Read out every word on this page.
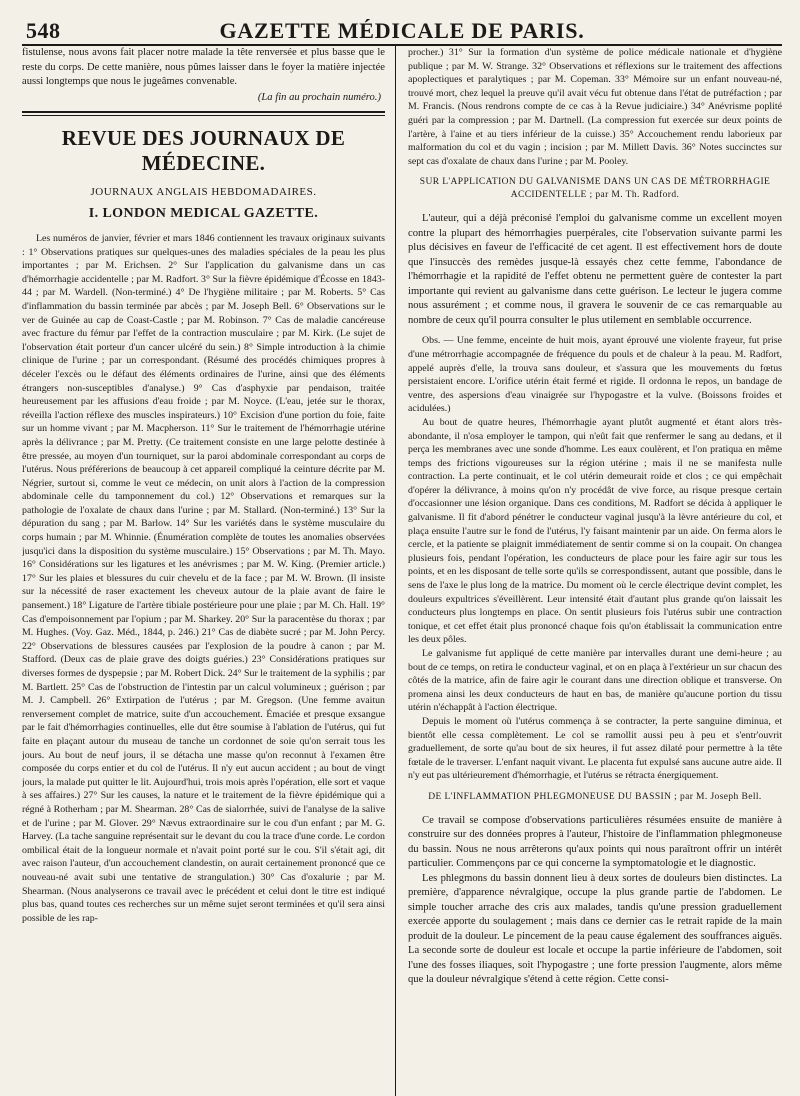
548	GAZETTE MÉDICALE DE PARIS.

fistulense, nous avons fait placer notre malade la tête renversée et plus basse que le reste du corps. De cette manière, nous pûmes laisser dans le foyer la matière injectée aussi longtemps que nous le jugeâmes convenable.

(La fin au prochain numéro.)

REVUE DES JOURNAUX DE MÉDECINE.
JOURNAUX ANGLAIS HEBDOMADAIRES.
I. LONDON MEDICAL GAZETTE.

Les numéros de janvier, février et mars 1846 contiennent les travaux originaux suivants : 1° Observations pratiques sur quelques-unes des maladies spéciales de la peau les plus importantes ; par M. Erichsen. 2° Sur l'application du galvanisme dans un cas d'hémorrhagie accidentelle ; par M. Radfort. 3° Sur la fièvre épidémique d'Écosse en 1843-44 ; par M. Wardell. (Non-terminé.) 4° De l'hygiène militaire ; par M. Roberts. 5° Cas d'inflammation du bassin terminée par abcès ; par M. Joseph Bell. 6° Observations sur le ver de Guinée au cap de Coast-Castle ; par M. Robinson. 7° Cas de maladie cancéreuse avec fracture du fémur par l'effet de la contraction musculaire ; par M. Kirk. (Le sujet de l'observation était porteur d'un cancer ulcéré du sein.) 8° Simple introduction à la chimie clinique de l'urine ; par un correspondant. (Résumé des procédés chimiques propres à déceler l'excès ou le défaut des éléments ordinaires de l'urine, ainsi que des éléments étrangers non-susceptibles d'analyse.) 9° Cas d'asphyxie par pendaison, traitée heureusement par les affusions d'eau froide ; par M. Noyce. (L'eau, jetée sur le thorax, réveilla l'action réflexe des muscles inspirateurs.) 10° Excision d'une portion du foie, faite sur un homme vivant ; par M. Macpherson. 11° Sur le traitement de l'hémorrhagie utérine après la délivrance ; par M. Pretty. (Ce traitement consiste en une large pelotte destinée à être pressée, au moyen d'un tourniquet, sur la paroi abdominale correspondant au corps de l'utérus. Nous préférerions de beaucoup à cet appareil compliqué la ceinture décrite par M. Négrier, surtout si, comme le veut ce médecin, on unit alors à l'action de la compression abdominale celle du tamponnement du col.) 12° Observations et remarques sur la pathologie de l'oxalate de chaux dans l'urine ; par M. Stallard. (Non-terminé.) 13° Sur la dépuration du sang ; par M. Barlow. 14° Sur les variétés dans le système musculaire du corps humain ; par M. Whinnie. (Énumération complète de toutes les anomalies observées jusqu'ici dans la disposition du système musculaire.) 15° Observations ; par M. Th. Mayo. 16° Considérations sur les ligatures et les anévrismes ; par M. W. King. (Premier article.) 17° Sur les plaies et blessures du cuir chevelu et de la face ; par M. W. Brown. (Il insiste sur la nécessité de raser exactement les cheveux autour de la plaie avant de faire le pansement.) 18° Ligature de l'artère tibiale postérieure pour une plaie ; par M. Ch. Hall. 19° Cas d'empoisonnement par l'opium ; par M. Sharkey. 20° Sur la paracentèse du thorax ; par M. Hughes. (Voy. Gaz. Méd., 1844, p. 246.) 21° Cas de diabète sucré ; par M. John Percy. 22° Observations de blessures causées par l'explosion de la poudre à canon ; par M. Stafford. (Deux cas de plaie grave des doigts guéries.) 23° Considérations pratiques sur diverses formes de dyspepsie ; par M. Robert Dick. 24° Sur le traitement de la syphilis ; par M. Bartlett. 25° Cas de l'obstruction de l'intestin par un calcul volumineux ; guérison ; par M. J. Campbell. 26° Extirpation de l'utérus ; par M. Gregson. (Une femme avaitun renversement complet de matrice, suite d'un accouchement. Émaciée et presque exsangue par le fait d'hémorrhagies continuelles, elle dut être soumise à l'ablation de l'utérus, qui fut faite en plaçant autour du museau de tanche un cordonnet de soie qu'on serrait tous les jours. Au bout de neuf jours, il se détacha une masse qu'on reconnut à l'examen être composée du corps entier et du col de l'utérus. Il n'y eut aucun accident ; au bout de vingt jours, la malade put quitter le lit. Aujourd'hui, trois mois après l'opération, elle sort et vaque à ses affaires.) 27° Sur les causes, la nature et le traitement de la fièvre épidémique qui a régné à Rotherham ; par M. Shearman. 28° Cas de sialorrhée, suivi de l'analyse de la salive et de l'urine ; par M. Glover. 29° Nævus extraordinaire sur le cou d'un enfant ; par M. G. Harvey. (La tache sanguine représentait sur le devant du cou la trace d'une corde. Le cordon ombilical était de la longueur normale et n'avait point porté sur le cou. S'il s'était agi, dit avec raison l'auteur, d'un accouchement clandestin, on aurait certainement prononcé que ce nouveau-né avait subi une tentative de strangulation.) 30° Cas d'oxalurie ; par M. Shearman. (Nous analyserons ce travail avec le précédent et celui dont le titre est indiqué plus bas, quand toutes ces recherches sur un même sujet seront terminées et qu'il sera ainsi possible de les rap-

procher.) 31° Sur la formation d'un système de police médicale nationale et d'hygiène publique ; par M. W. Strange. 32° Observations et réflexions sur le traitement des affections apoplectiques et paralytiques ; par M. Copeman. 33° Mémoire sur un enfant nouveau-né, trouvé mort, chez lequel la preuve qu'il avait vécu fut obtenue dans l'état de putréfaction ; par M. Francis. (Nous rendrons compte de ce cas à la Revue judiciaire.) 34° Anévrisme poplité guéri par la compression ; par M. Dartnell. (La compression fut exercée sur deux points de l'artère, à l'aine et au tiers inférieur de la cuisse.) 35° Accouchement rendu laborieux par malformation du col et du vagin ; incision ; par M. Millett Davis. 36° Notes succinctes sur sept cas d'oxalate de chaux dans l'urine ; par M. Pooley.

SUR L'APPLICATION DU GALVANISME DANS UN CAS DE MÉTRORRHAGIE ACCIDENTELLE ; par M. Th. Radford.

L'auteur, qui a déjà préconisé l'emploi du galvanisme comme un excellent moyen contre la plupart des hémorrhagies puerpérales, cite l'observation suivante parmi les plus décisives en faveur de l'efficacité de cet agent. Il est effectivement hors de doute que l'insuccès des remèdes jusque-là essayés chez cette femme, l'abondance de l'hémorrhagie et la rapidité de l'effet obtenu ne permettent guère de contester la part importante qui revient au galvanisme dans cette guérison. Le lecteur le jugera comme nous assurément ; et comme nous, il gravera le souvenir de ce cas remarquable au nombre de ceux qu'il pourra consulter le plus utilement en semblable occurrence.

Obs. — Une femme, enceinte de huit mois, ayant éprouvé une violente frayeur, fut prise d'une métrorrhagie accompagnée de fréquence du pouls et de chaleur à la peau. M. Radfort, appelé auprès d'elle, la trouva sans douleur, et s'assura que les mouvements du fœtus persistaient encore. L'orifice utérin était fermé et rigide. Il ordonna le repos, un bandage de ventre, des aspersions d'eau vinaigrée sur l'hypogastre et la vulve. (Boissons froides et acidulées.)

Au bout de quatre heures, l'hémorrhagie ayant plutôt augmenté et étant alors très-abondante, il n'osa employer le tampon, qui n'eût fait que renfermer le sang au dedans, et il perça les membranes avec une sonde d'homme. Les eaux coulèrent, et l'on pratiqua en même temps des frictions vigoureuses sur la région utérine ; mais il ne se manifesta nulle contraction. La perte continuait, et le col utérin demeurait roide et clos ; ce qui empêchait d'opérer la délivrance, à moins qu'on n'y procédât de vive force, au risque presque certain d'occasionner une lésion organique. Dans ces conditions, M. Radfort se décida à appliquer le galvanisme. Il fit d'abord pénétrer le conducteur vaginal jusqu'à la lèvre antérieure du col, et plaça ensuite l'autre sur le fond de l'utérus, l'y faisant maintenir par un aide. On ferma alors le cercle, et la patiente se plaignit immédiatement de sentir comme si on la coupait. On changea plusieurs fois, pendant l'opération, les conducteurs de place pour les faire agir sur tous les points, et en les disposant de telle sorte qu'ils se correspondissent, autant que possible, dans le sens de l'axe le plus long de la matrice. Du moment où le cercle électrique devint complet, les douleurs expultrices s'éveillèrent. Leur intensité était d'autant plus grande qu'on laissait les conducteurs plus longtemps en place. On sentit plusieurs fois l'utérus subir une contraction tonique, et cet effet était plus prononcé chaque fois qu'on établissait la communication entre les deux pôles.

Le galvanisme fut appliqué de cette manière par intervalles durant une demi-heure ; au bout de ce temps, on retira le conducteur vaginal, et on en plaça à l'extérieur un sur chacun des côtés de la matrice, afin de faire agir le courant dans une direction oblique et transverse. On promena ainsi les deux conducteurs de haut en bas, de manière qu'aucune portion du tissu utérin n'échappât à l'action électrique.

Depuis le moment où l'utérus commença à se contracter, la perte sanguine diminua, et bientôt elle cessa complètement. Le col se ramollit aussi peu à peu et s'entr'ouvrit graduellement, de sorte qu'au bout de six heures, il fut assez dilaté pour permettre à la tête fœtale de le traverser. L'enfant naquit vivant. Le placenta fut expulsé sans aucune autre aide. Il n'y eut pas ultérieurement d'hémorrhagie, et l'utérus se rétracta énergiquement.

DE L'INFLAMMATION PHLEGMONEUSE DU BASSIN ; par M. Joseph Bell.

Ce travail se compose d'observations particulières résumées ensuite de manière à construire sur des données propres à l'auteur, l'histoire de l'inflammation phlegmoneuse du bassin. Nous ne nous arrêterons qu'aux points qui nous paraîtront offrir un intérêt particulier. Commençons par ce qui concerne la symptomatologie et le diagnostic.

Les phlegmons du bassin donnent lieu à deux sortes de douleurs bien distinctes. La première, d'apparence névralgique, occupe la plus grande partie de l'abdomen. Le simple toucher arrache des cris aux malades, tandis qu'une pression graduellement exercée apporte du soulagement ; mais dans ce dernier cas le retrait rapide de la main produit de la douleur. Le pincement de la peau cause également des souffrances aiguës. La seconde sorte de douleur est locale et occupe la partie inférieure de l'abdomen, soit l'une des fosses iliaques, soit l'hypogastre ; une forte pression l'augmente, alors même que la douleur névralgique s'étend à cette région. Cette consi-
